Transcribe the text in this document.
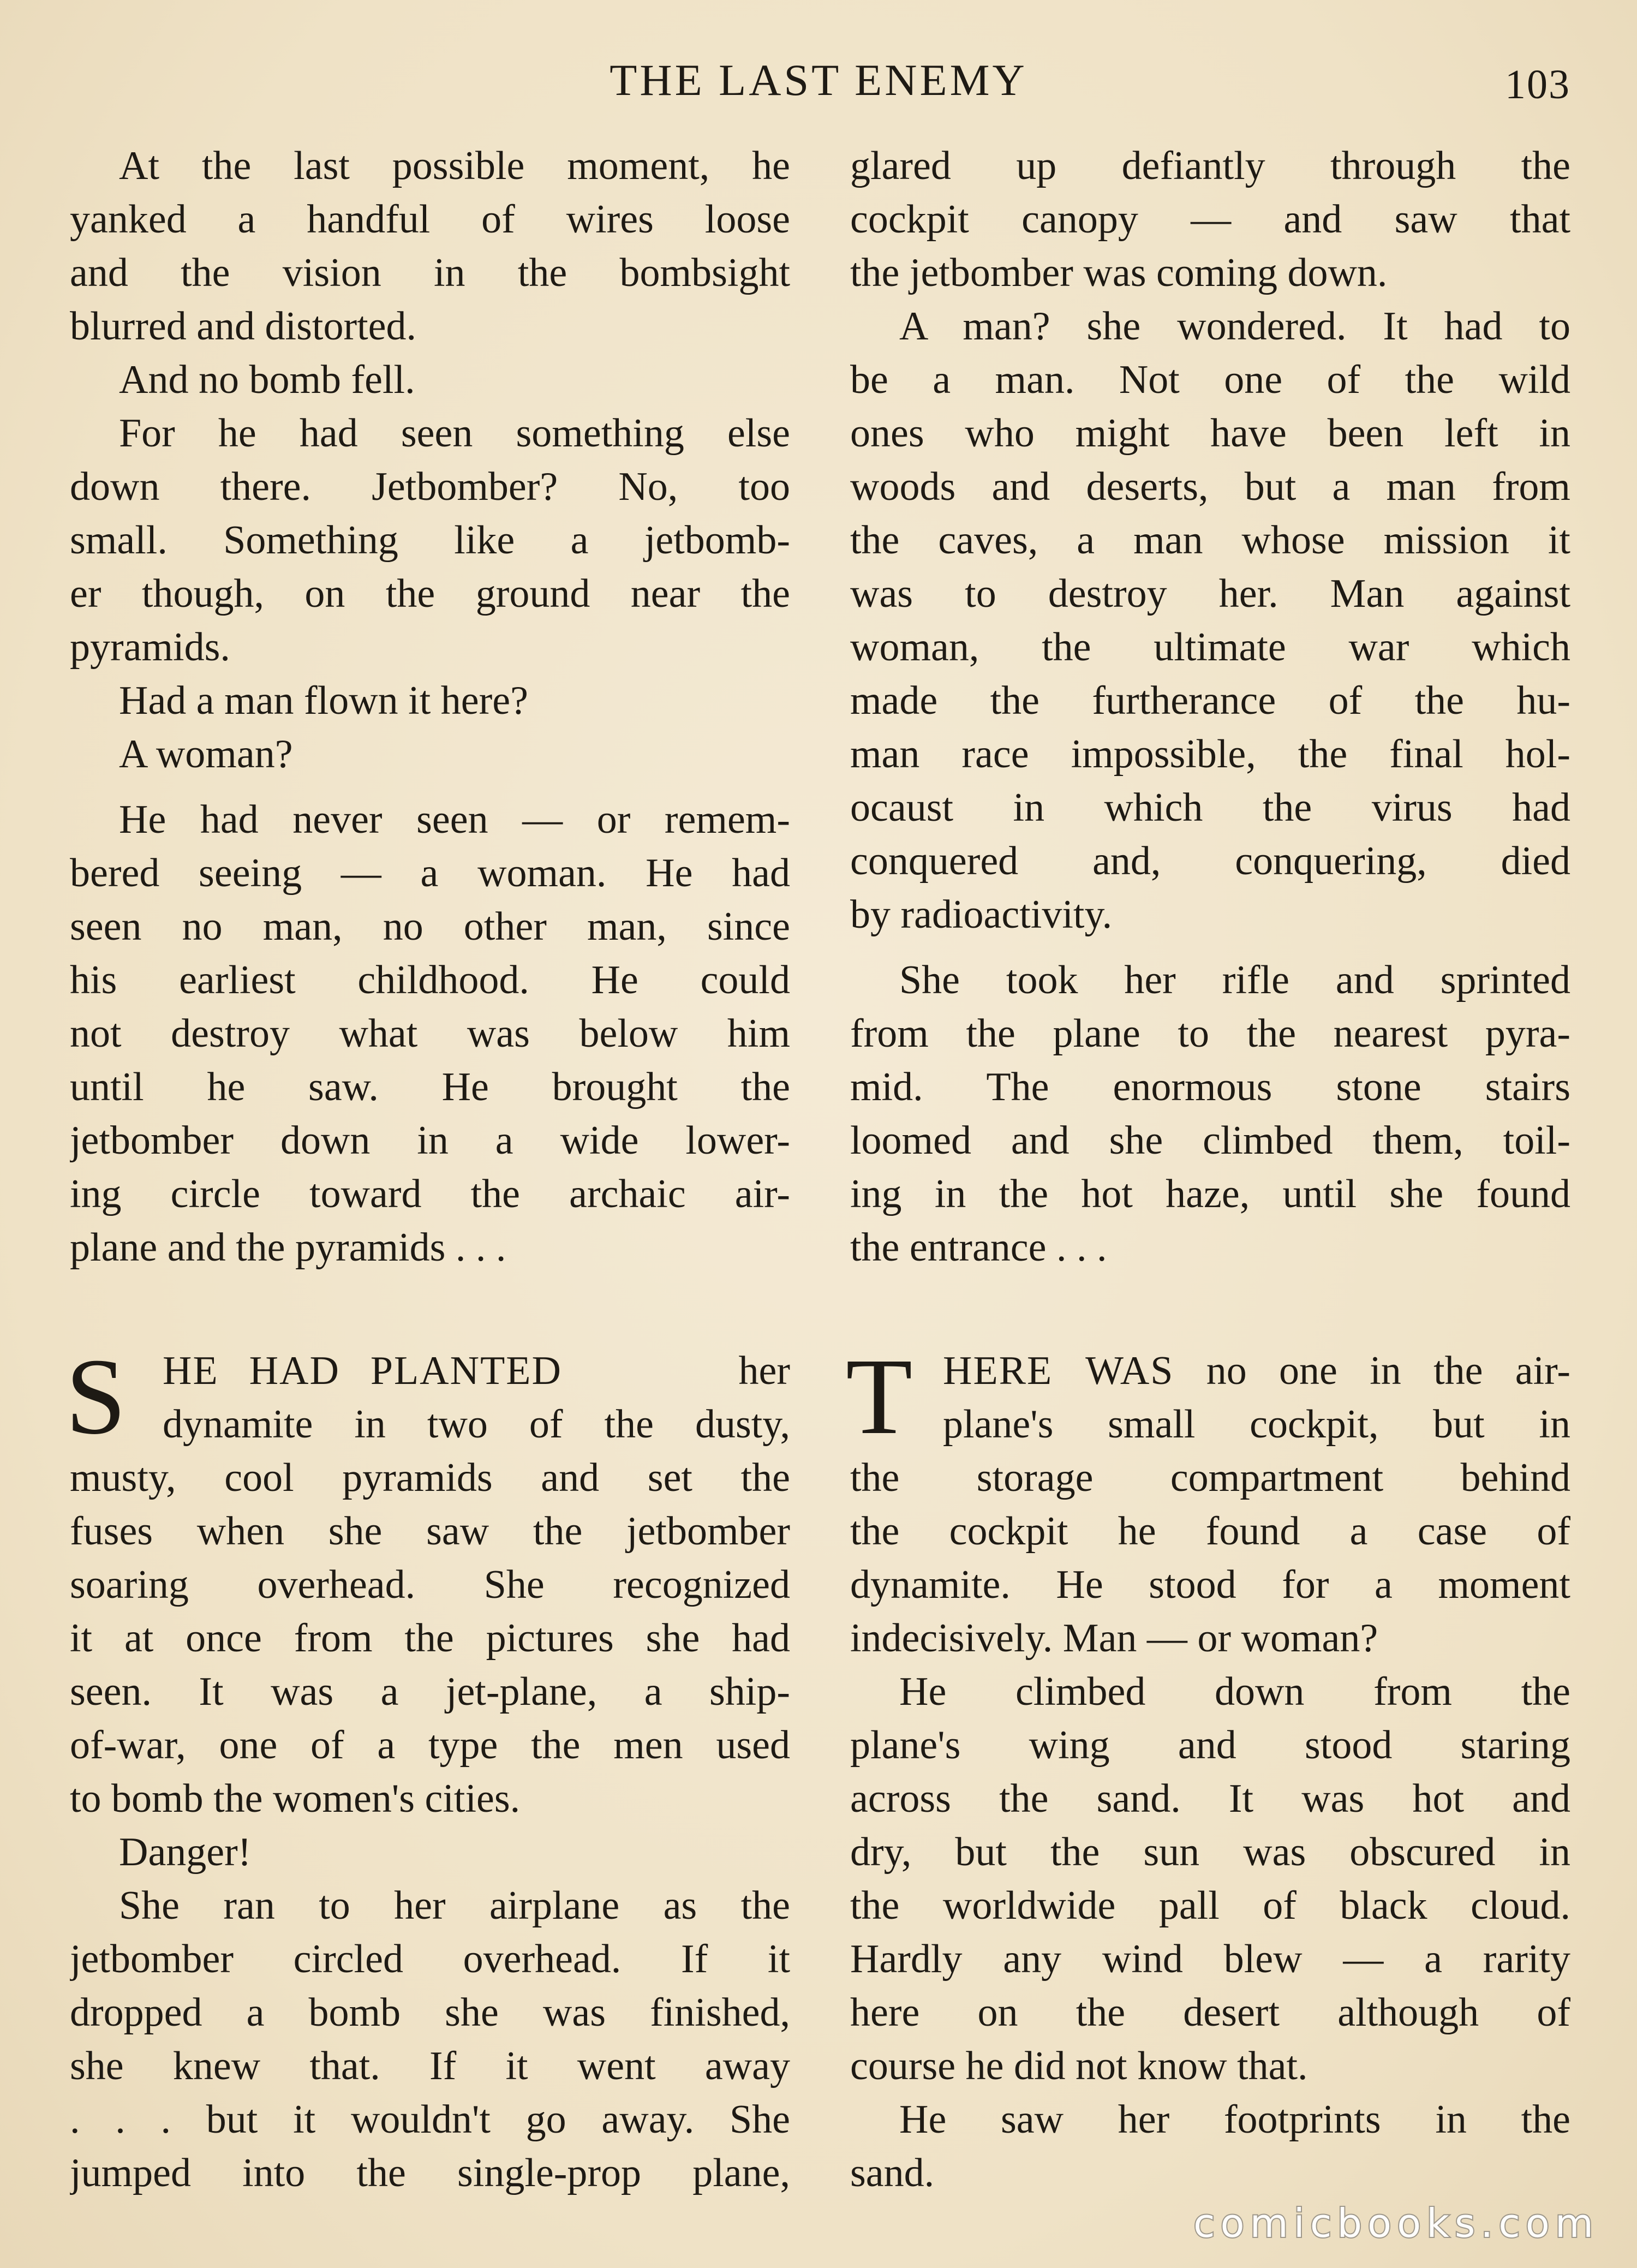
THE LAST ENEMY	103
At the last possible moment, he
yanked a handful of wires loose
and the vision in the bombsight
blurred and distorted.
And no bomb fell.
For he had seen something else
down there. Jetbomber? No, too
small. Something like a jetbomb-
er though, on the ground near the
pyramids.
Had a man flown it here?
A woman?
He had never seen — or remem-
bered seeing — a woman. He had
seen no man, no other man, since
his earliest childhood. He could
not destroy what was below him
until he saw. He brought the
jetbomber down in a wide lower-
ing circle toward the archaic air-
plane and the pyramids . . .
S HE HAD PLANTED	her
dynamite in two of the dusty,
musty, cool pyramids and set the
fuses when she saw the jetbomber
soaring overhead. She recognized
it at once from the pictures she had
seen. It was a jet-plane, a ship-
of-war, one of a type the men used
to bomb the women's cities.
Danger!
She ran to her airplane as the
jetbomber circled overhead. If it
dropped a bomb she was finished,
she knew that. If it went away
. . . but it wouldn't go away. She
jumped into the single-prop plane,
glared up defiantly through the
cockpit canopy — and saw that
the jetbomber was coming down.
A man? she wondered. It had to
be a man. Not one of the wild
ones who might have been left in
woods and deserts, but a man from
the caves, a man whose mission it
was to destroy her. Man against
woman, the ultimate war which
made the furtherance of the hu-
man race impossible, the final hol-
ocaust in which the virus had
conquered and, conquering, died
by radioactivity.
She took her rifle and sprinted
from the plane to the nearest pyra-
mid. The enormous stone stairs
loomed and she climbed them, toil-
ing in the hot haze, until she found
the entrance . . .
T HERE WAS no one in the air-
plane's small cockpit, but in
the storage compartment behind
the cockpit he found a case of
dynamite. He stood for a moment
indecisively. Man — or woman?
He climbed down from the
plane's wing and stood staring
across the sand. It was hot and
dry, but the sun was obscured in
the worldwide pall of black cloud.
Hardly any wind blew — a rarity
here on the desert although of
course he did not know that.
He saw her footprints in the
sand.
comicbooks.com
